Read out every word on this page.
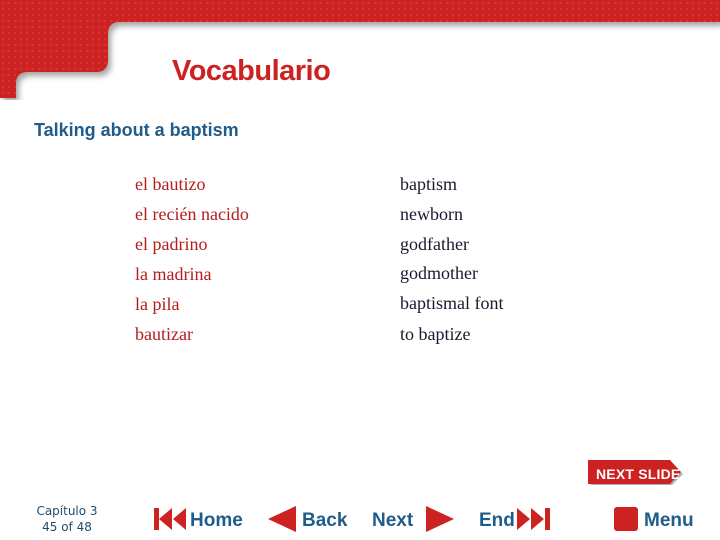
Vocabulario
Talking about a baptism
el bautizo	baptism
el recién nacido	newborn
el padrino	godfather
la madrina	godmother
la pila	baptismal font
bautizar	to baptize
NEXT SLIDE
Capítulo 3
45 of 48	Home	Back Next	End	Menu
